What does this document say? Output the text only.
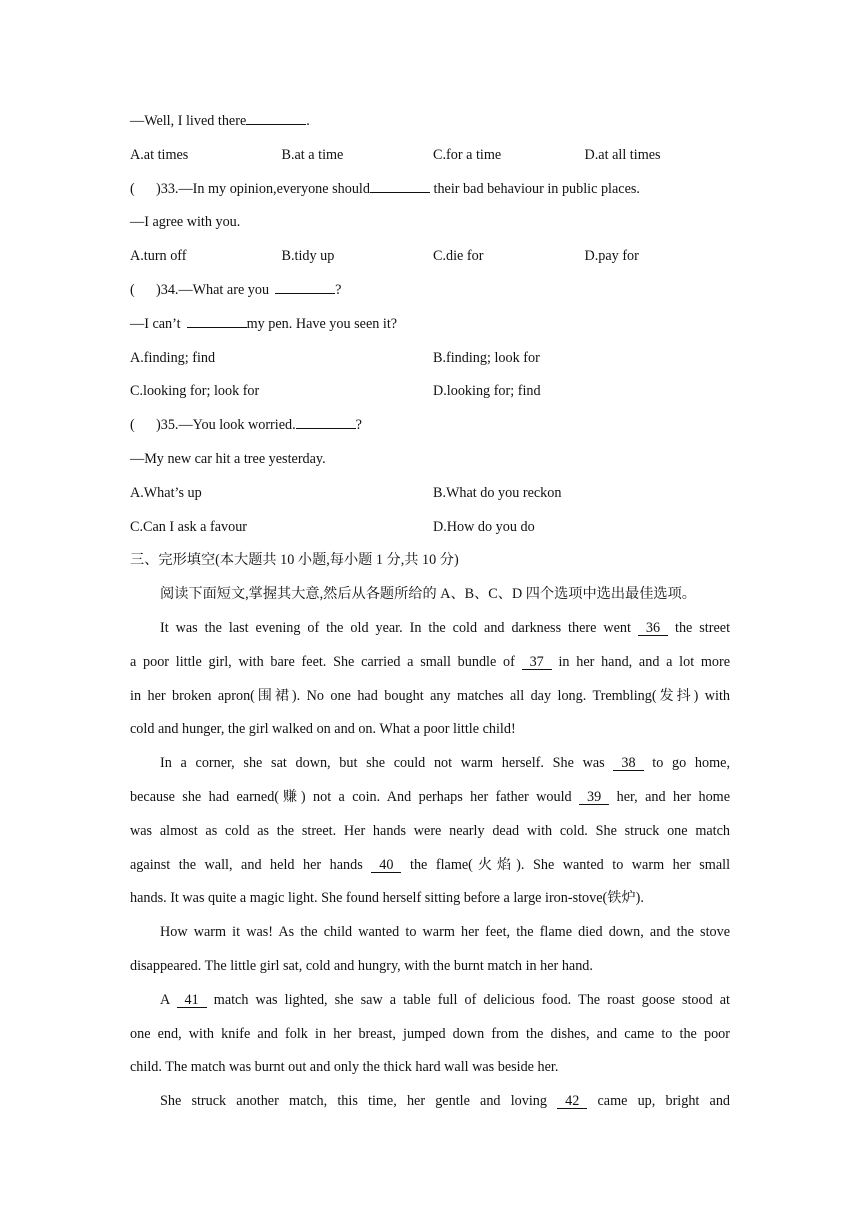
—Well, I lived there	.
A.at times	B.at a time	C.for a time	D.at all times
( )33.—In my opinion,everyone should	their bad behaviour in public places.
—I agree with you.
A.turn off	B.tidy up	C.die for	D.pay for
( )34.—What are you	?
—I can’t	my pen. Have you seen it?
A.finding; find	B.finding; look for
C.looking for; look for	D.looking for; find
( )35.—You look worried.	?
—My new car hit a tree yesterday.
A.What’s up	B.What do you reckon
C.Can I ask a favour	D.How do you do
三、完形填空(本大题共 10 小题,每小题 1 分,共 10 分)
阅读下面短文,掌握其大意,然后从各题所给的 A、B、C、D 四个选项中选出最佳选项。
It was the last evening of the old year. In the cold and darkness there went 36 the street
a poor little girl, with bare feet. She carried a small bundle of 37 in her hand, and a lot more
in her broken apron(围裙). No one had bought any matches all day long. Trembling(发抖) with
cold and hunger, the girl walked on and on. What a poor little child!
In a corner, she sat down, but she could not warm herself. She was 38 to go home,
because she had earned(赚) not a coin. And perhaps her father would 39 her, and her home
was almost as cold as the street. Her hands were nearly dead with cold. She struck one match
against the wall, and held her hands 40 the flame(火焰). She wanted to warm her small
hands. It was quite a magic light. She found herself sitting before a large iron-stove(铁炉).
How warm it was! As the child wanted to warm her feet, the flame died down, and the stove
disappeared. The little girl sat, cold and hungry, with the burnt match in her hand.
A 41 match was lighted, she saw a table full of delicious food. The roast goose stood at
one end, with knife and folk in her breast, jumped down from the dishes, and came to the poor
child. The match was burnt out and only the thick hard wall was beside her.
She struck another match, this time, her gentle and loving 42 came up, bright and
